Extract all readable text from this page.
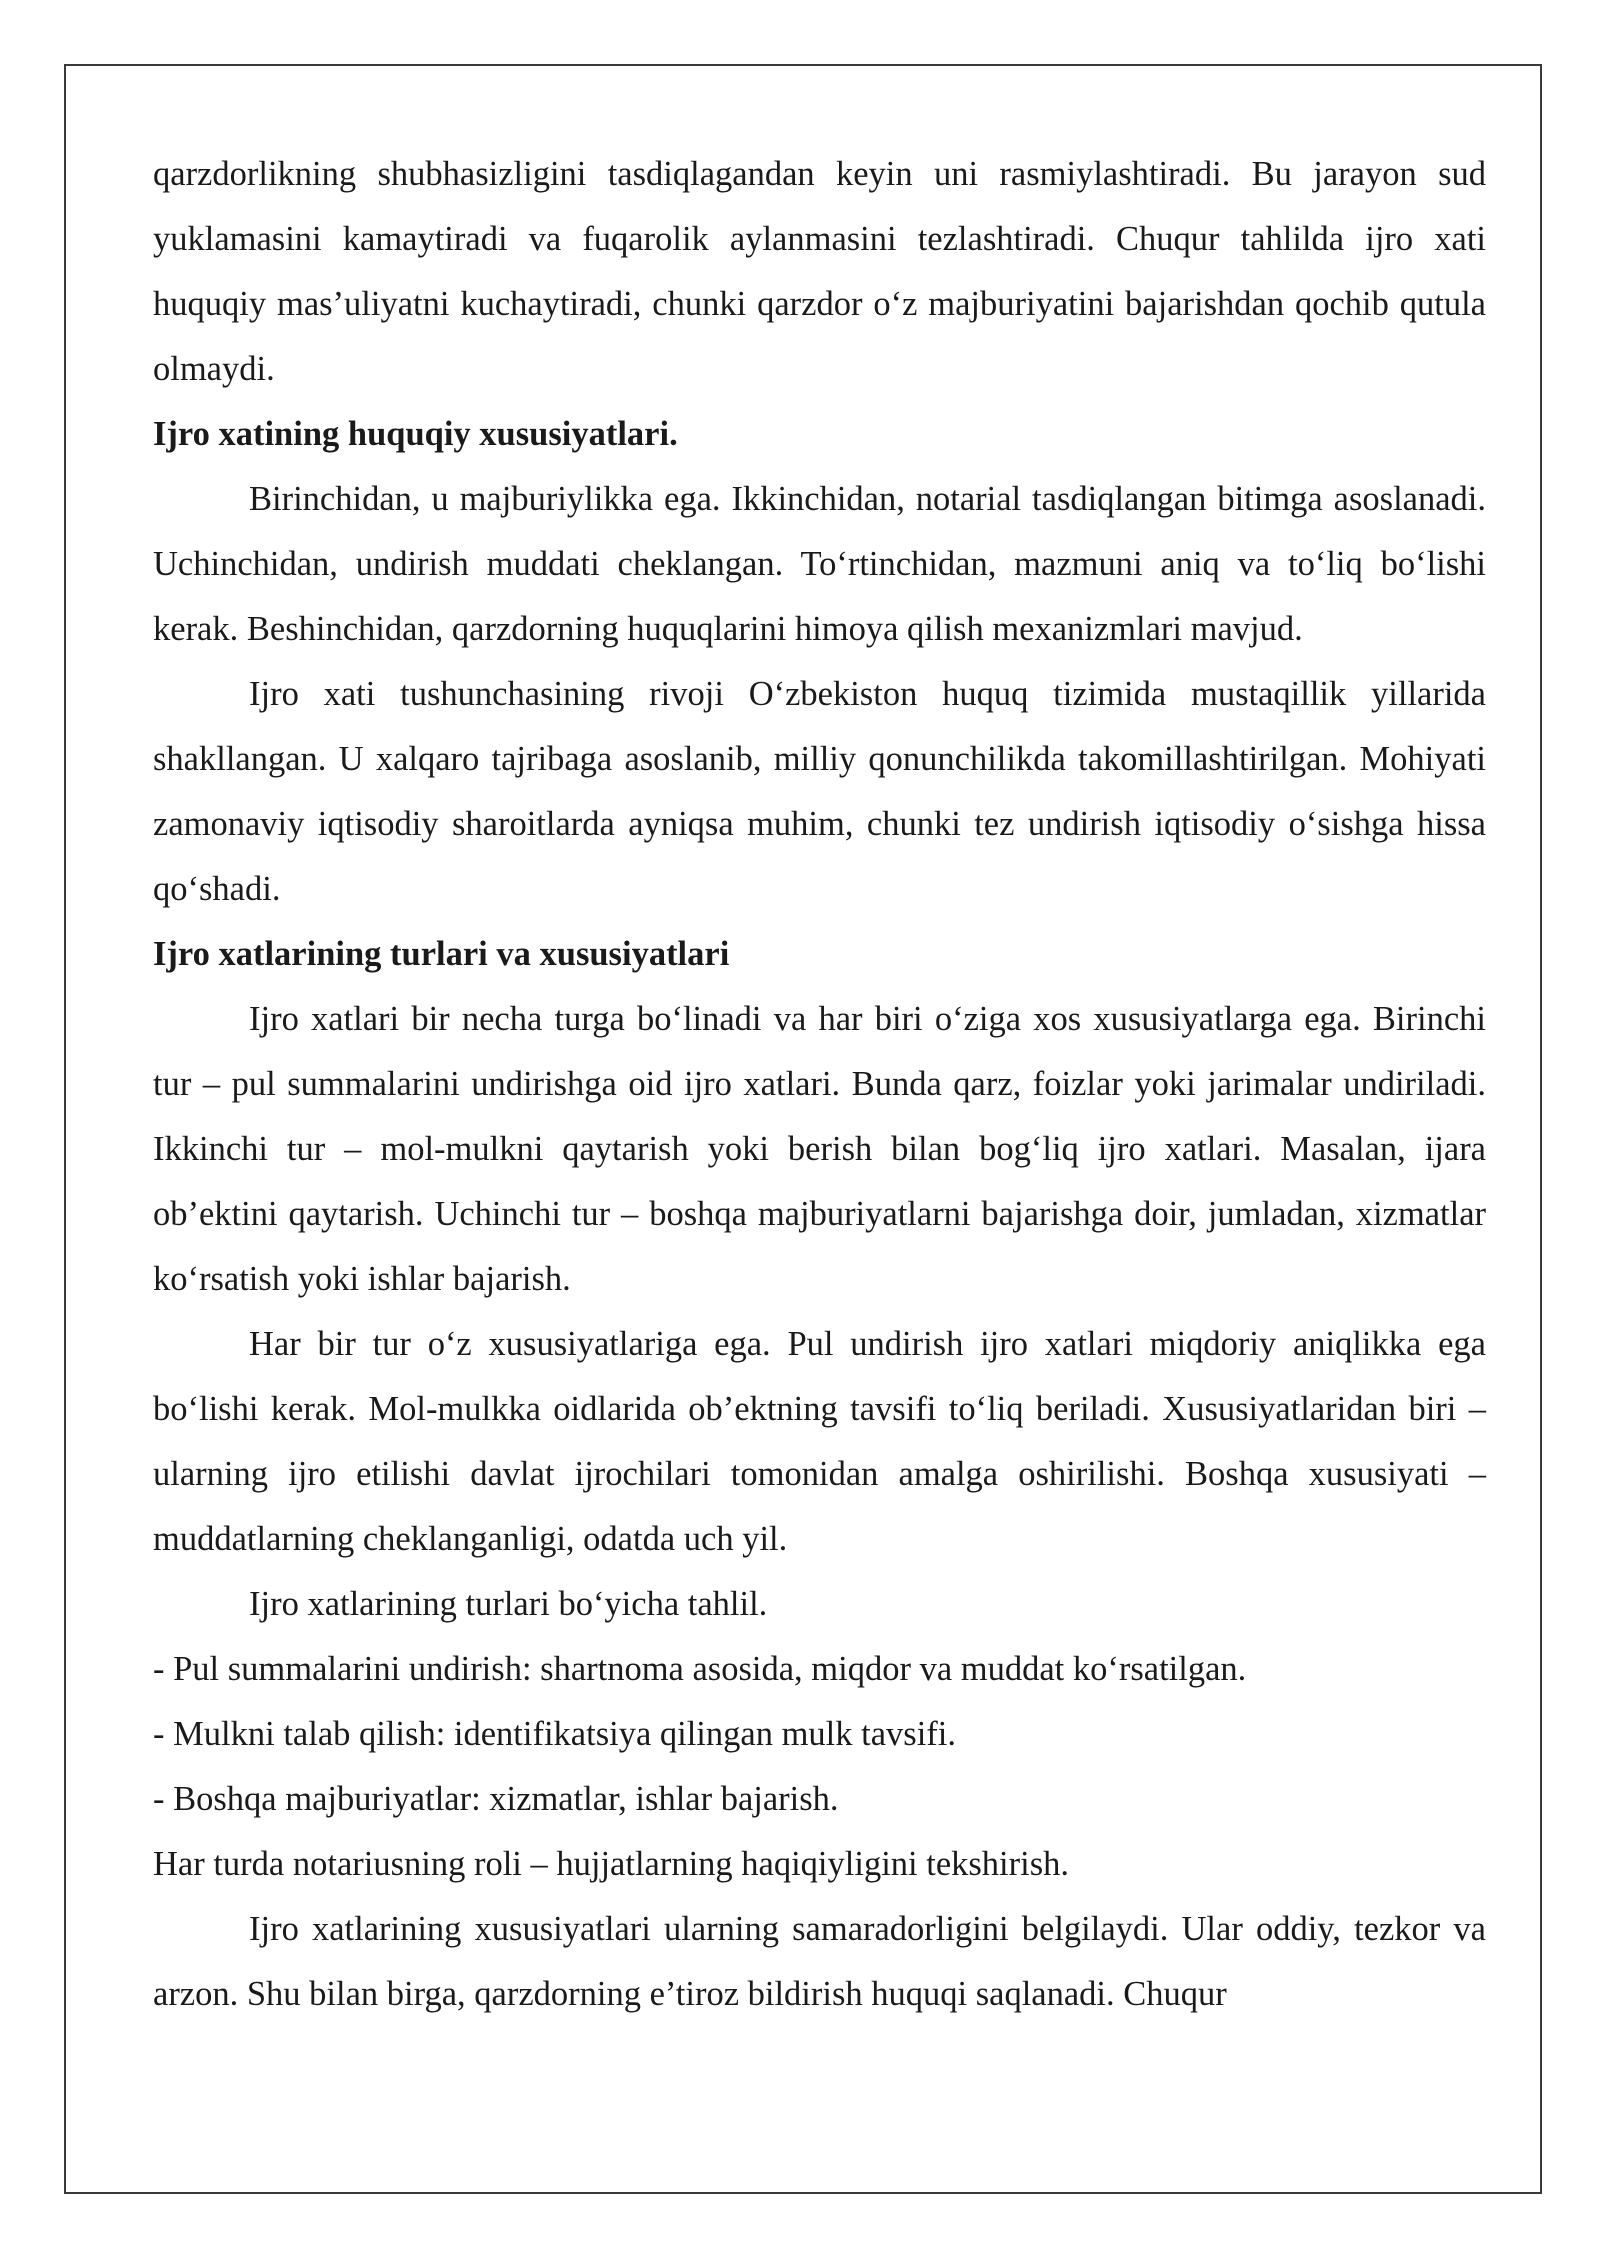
qarzdorlikning shubhasizligini tasdiqlagandan keyin uni rasmiylashtiradi. Bu jarayon sud yuklamasini kamaytiradi va fuqarolik aylanmasini tezlashtiradi. Chuqur tahlilda ijro xati huquqiy mas’uliyatni kuchaytiradi, chunki qarzdor o‘z majburiyatini bajarishdan qochib qutula olmaydi.

Ijro xatining huquqiy xususiyatlari.

Birinchidan, u majburiylikka ega. Ikkinchidan, notarial tasdiqlangan bitimga asoslanadi. Uchinchidan, undirish muddati cheklangan. To‘rtinchidan, mazmuni aniq va to‘liq bo‘lishi kerak. Beshinchidan, qarzdorning huquqlarini himoya qilish mexanizmlari mavjud.

Ijro xati tushunchasining rivoji O‘zbekiston huquq tizimida mustaqillik yillarida shakllangan. U xalqaro tajribaga asoslanib, milliy qonunchilikda takomillashtirilgan. Mohiyati zamonaviy iqtisodiy sharoitlarda ayniqsa muhim, chunki tez undirish iqtisodiy o‘sishga hissa qo‘shadi.

Ijro xatlarining turlari va xususiyatlari

Ijro xatlari bir necha turga bo‘linadi va har biri o‘ziga xos xususiyatlarga ega. Birinchi tur – pul summalarini undirishga oid ijro xatlari. Bunda qarz, foizlar yoki jarimalar undiriladi. Ikkinchi tur – mol-mulkni qaytarish yoki berish bilan bog‘liq ijro xatlari. Masalan, ijara ob’ektini qaytarish. Uchinchi tur – boshqa majburiyatlarni bajarishga doir, jumladan, xizmatlar ko‘rsatish yoki ishlar bajarish.

Har bir tur o‘z xususiyatlariga ega. Pul undirish ijro xatlari miqdoriy aniqlikka ega bo‘lishi kerak. Mol-mulkka oidlarida ob’ektning tavsifi to‘liq beriladi. Xususiyatlaridan biri – ularning ijro etilishi davlat ijrochilari tomonidan amalga oshirilishi. Boshqa xususiyati – muddatlarning cheklanganligi, odatda uch yil.

Ijro xatlarining turlari bo‘yicha tahlil.

- Pul summalarini undirish: shartnoma asosida, miqdor va muddat ko‘rsatilgan.

- Mulkni talab qilish: identifikatsiya qilingan mulk tavsifi.

- Boshqa majburiyatlar: xizmatlar, ishlar bajarish.

Har turda notariusning roli – hujjatlarning haqiqiyligini tekshirish.

Ijro xatlarining xususiyatlari ularning samaradorligini belgilaydi. Ular oddiy, tezkor va arzon. Shu bilan birga, qarzdorning e’tiroz bildirish huquqi saqlanadi. Chuqur
